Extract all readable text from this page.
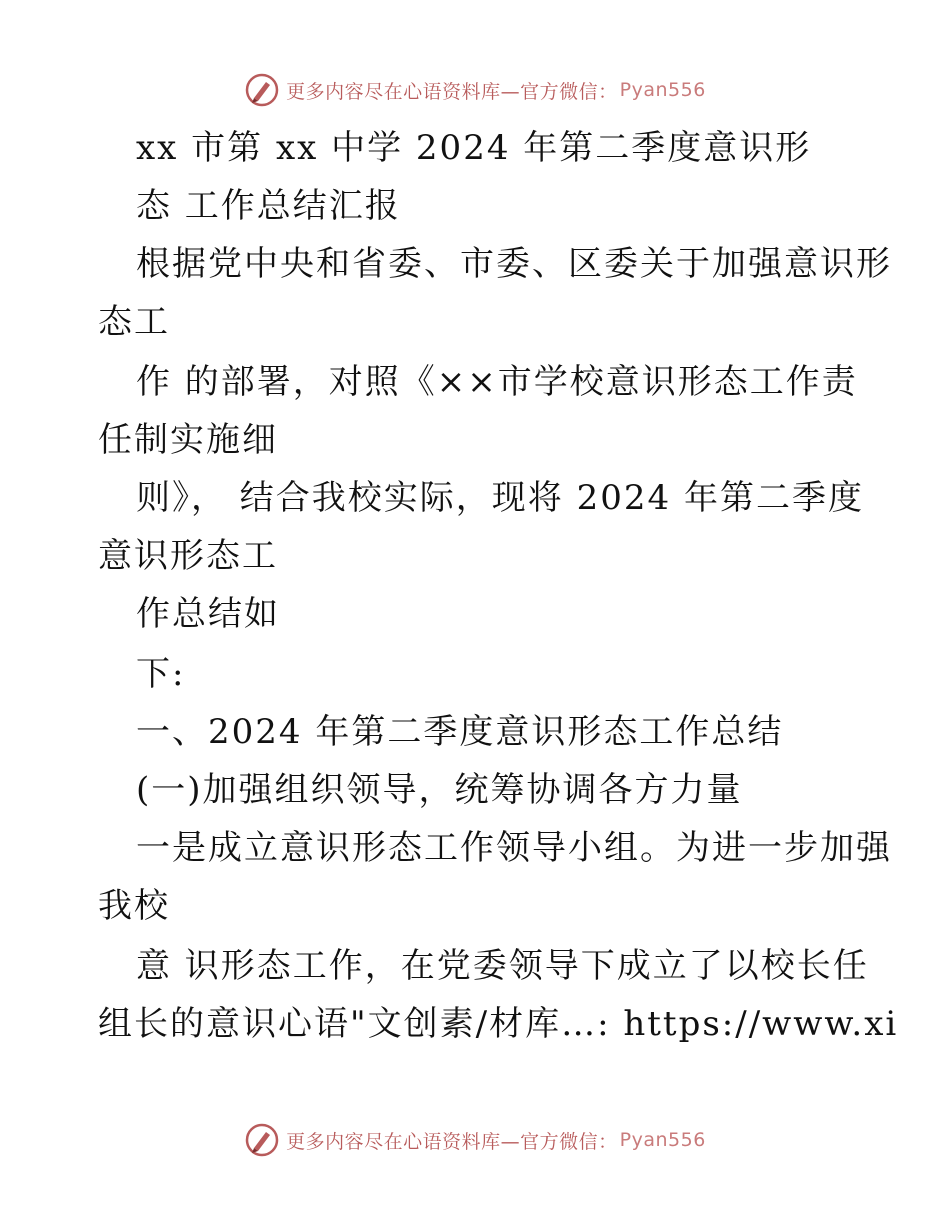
更多内容尽在心语资料库—官方微信： Pyan556
xx 市第 xx 中学 2024 年第二季度意识形
态 工作总结汇报
根据党中央和省委、市委、区委关于加强意识形
态工
作 的部署，对照《××市学校意识形态工作责
任制实施细
则》， 结合我校实际，现将 2024 年第二季度
意识形态工
作总结如
下:
一、2024 年第二季度意识形态工作总结
(一)加强组织领导，统筹协调各方力量
一是成立意识形态工作领导小组。为进一步加强
我校
意 识形态工作，在党委领导下成立了以校长任
组长的意识心语"文创素/材库…: https://www.xi
更多内容尽在心语资料库—官方微信： Pyan556
